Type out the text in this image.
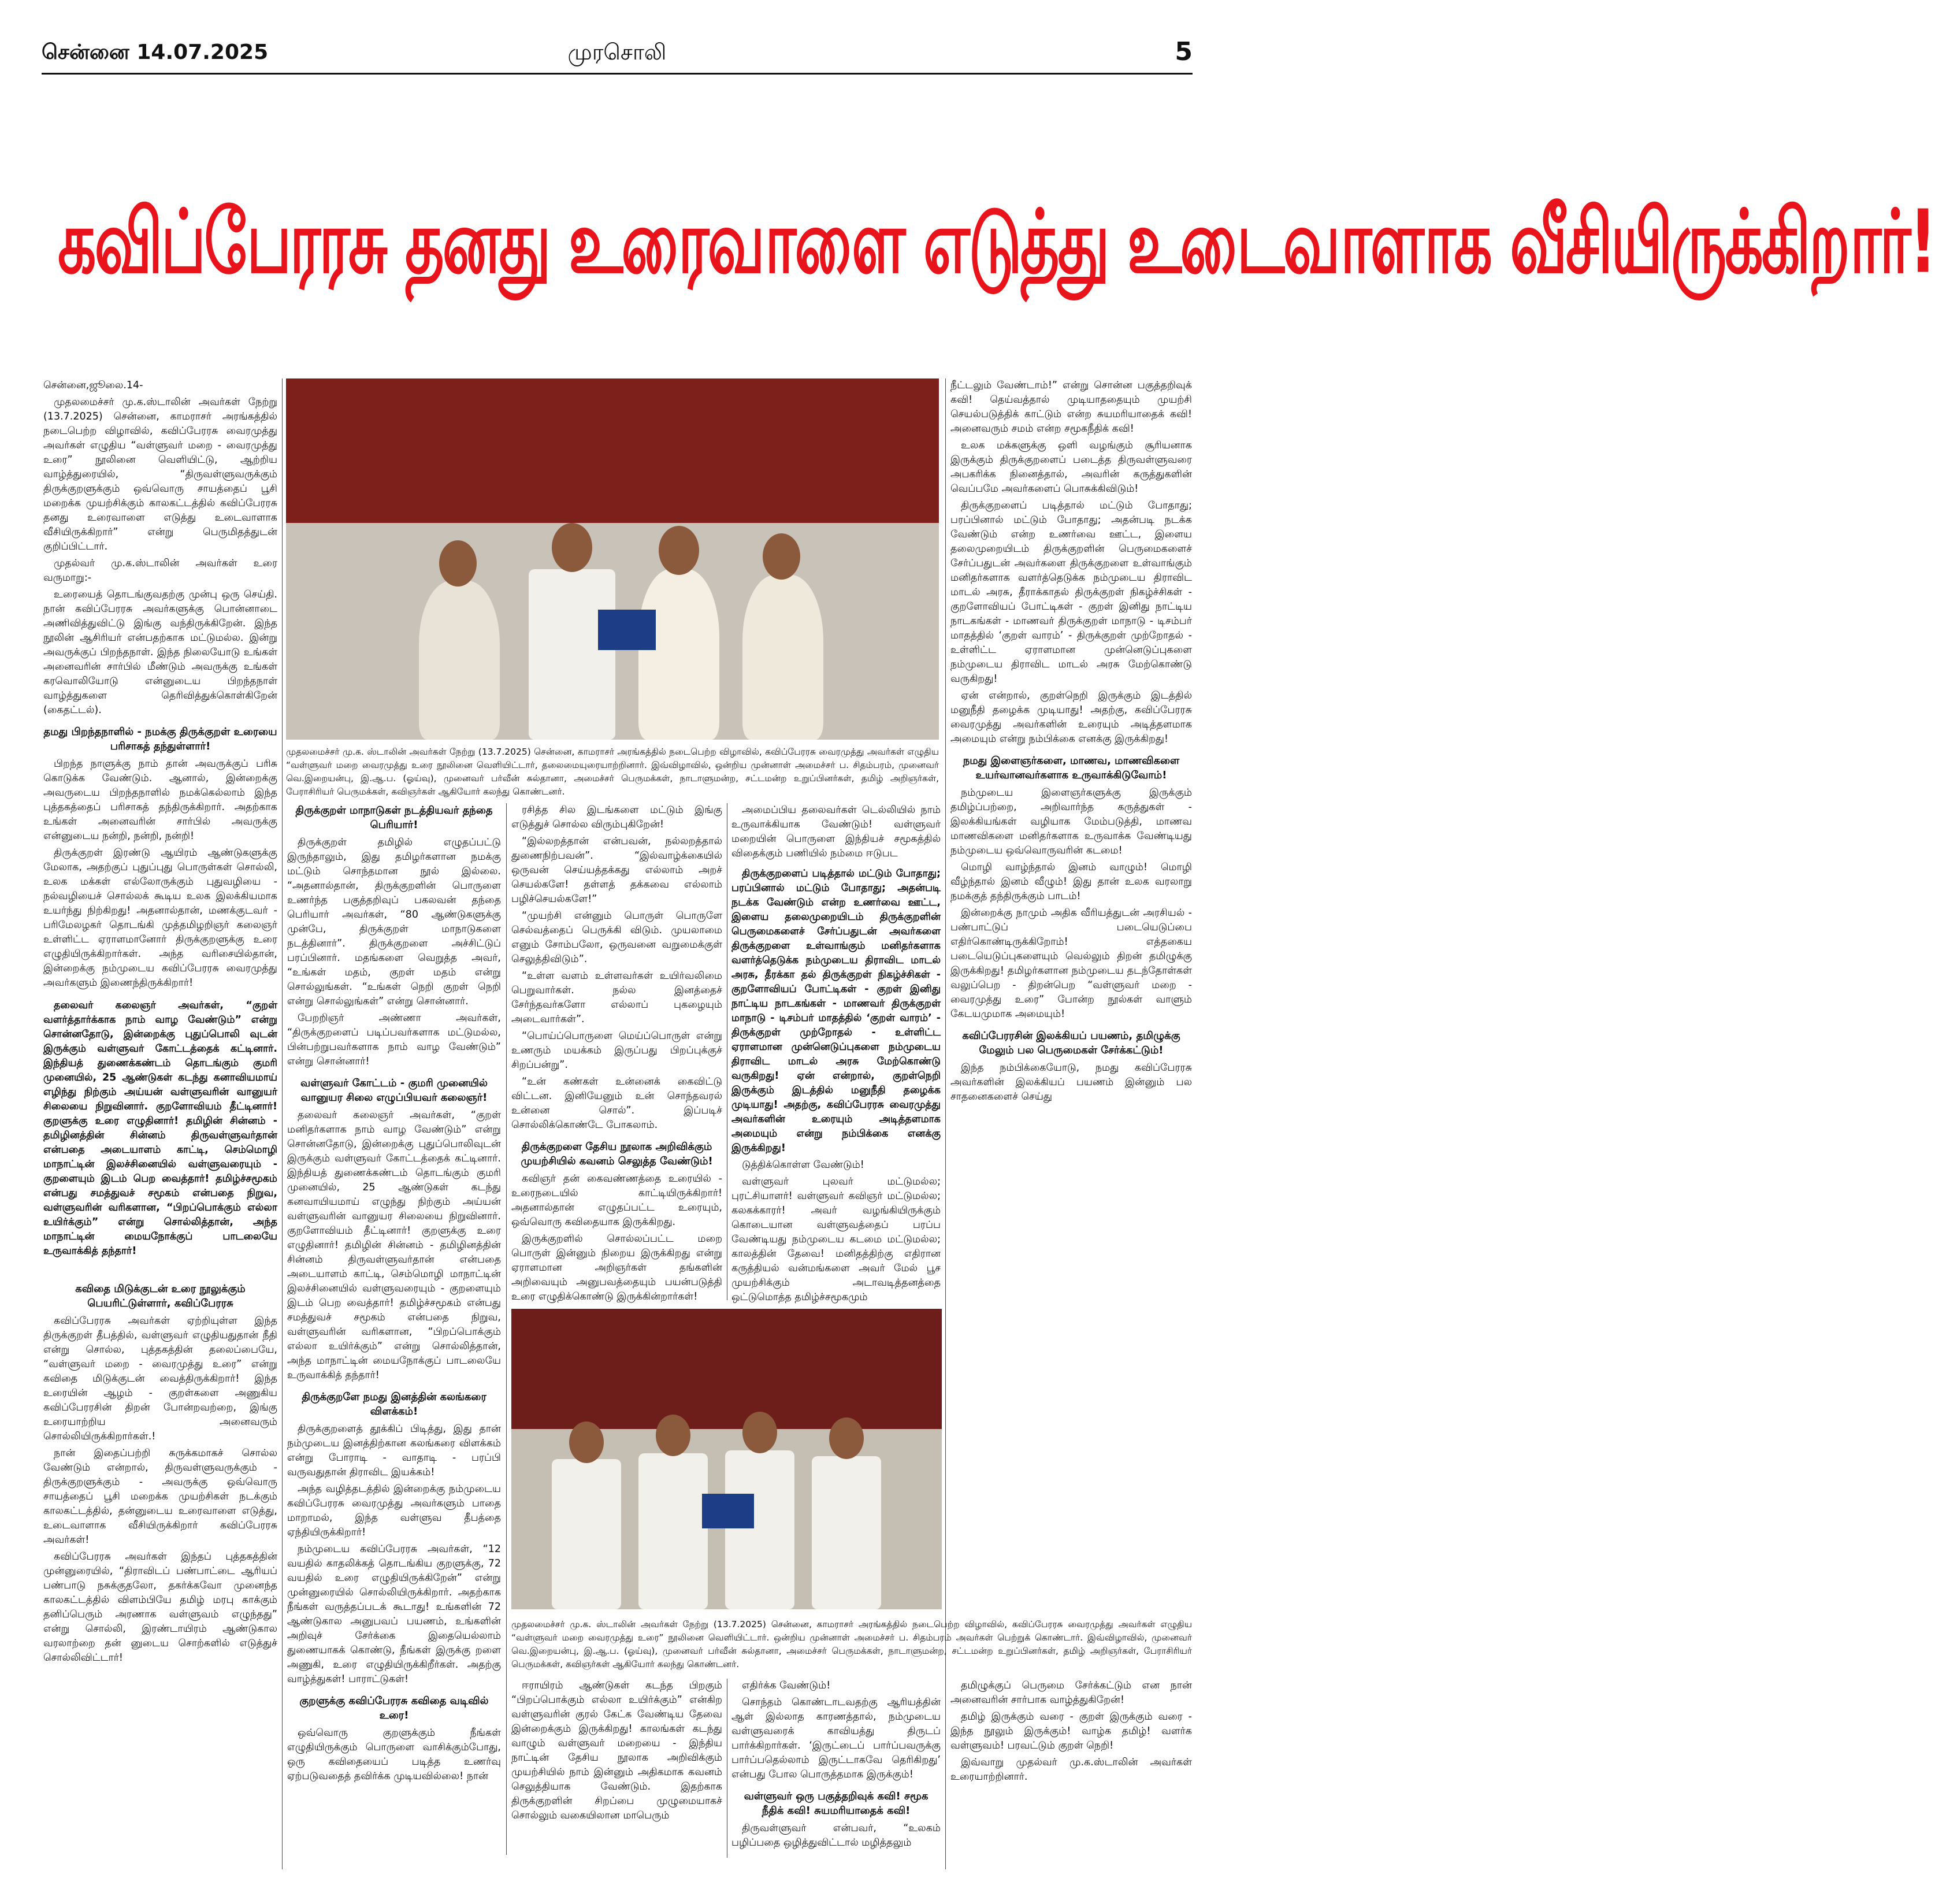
சென்னை 14.07.2025	முரசொலி	5
கவிப்பேரரசு தனது உரைவாளை எடுத்து உடைவாளாக வீசியிருக்கிறார்!

சென்னை,ஜூலை.14-

முதலமைச்சர் மு.க.ஸ்டாலின் அவர்கள் நேற்று (13.7.2025) சென்னை, காமராசர் அரங்கத்தில் நடைபெற்ற விழாவில், கவிப்பேரரசு வைரமுத்து அவர்கள் எழுதிய “வள்ளுவர் மறை - வைரமுத்து உரை” நூலினை வெளியிட்டு, ஆற்றிய வாழ்த்துரையில், “திருவள்ளுவருக்கும் திருக்குறளுக்கும் ஒவ்வொரு சாயத்தைப் பூசி மறைக்க முயற்சிக்கும் காலகட்டத்தில் கவிப்பேரரசு தனது உரைவாளை எடுத்து உடைவாளாக வீசியிருக்கிறார்” என்று பெருமிதத்துடன் குறிப்பிட்டார்.

முதல்வர் மு.க.ஸ்டாலின் அவர்கள் உரை வருமாறு:-

உரையைத் தொடங்குவதற்கு முன்பு ஒரு செய்தி. நான் கவிப்பேரரசு அவர்களுக்கு பொன்னாடை அணிவித்துவிட்டு இங்கு வந்திருக்கிறேன். இந்த நூலின் ஆசிரியர் என்பதற்காக மட்டுமல்ல. இன்று அவருக்குப் பிறந்தநாள். இந்த நிலையோடு உங்கள் அனைவரின் சார்பில் மீண்டும் அவருக்கு உங்கள் கரவொலியோடு என்னுடைய பிறந்தநாள் வாழ்த்துகளை தெரிவித்துக்கொள்கிறேன் (கைதட்டல்).

தமது பிறந்தநாளில் - நமக்கு திருக்குறள் உரையை பரிசாகத் தந்துள்ளார்!

பிறந்த நாளுக்கு நாம் தான் அவருக்குப் பரிசு கொடுக்க வேண்டும். ஆனால், இன்றைக்கு அவருடைய பிறந்தநாளில் நமக்கெல்லாம் இந்த புத்தகத்தைப் பரிசாகத் தந்திருக்கிறார். அதற்காக உங்கள் அனைவரின் சார்பில் அவருக்கு என்னுடைய நன்றி, நன்றி, நன்றி!

திருக்குறள் இரண்டு ஆயிரம் ஆண்டுகளுக்கு மேலாக, அதற்குப் புதுப்புது பொருள்கள் சொல்லி, உலக மக்கள் எல்லோருக்கும் புதுவழியை - நல்வழியைச் சொல்லக் கூடிய உலக இலக்கியமாக உயர்ந்து நிற்கிறது! அதனால்தான், மணக்குடவர் - பரிமேலழகர் தொடங்கி முத்தமிழறிஞர் கலைஞர் உள்ளிட்ட ஏராளமானோர் திருக்குறளுக்கு உரை எழுதியிருக்கிறார்கள். அந்த வரிசையில்தான், இன்றைக்கு நம்முடைய கவிப்பேரரசு வைரமுத்து அவர்களும் இணைந்திருக்கிறார்!

தலைவர் கலைஞர் அவர்கள், “குறள் வளர்த்தார்க்காக நாம் வாழ வேண்டும்” என்று சொன்னதோடு, இன்றைக்கு புதுப்பொலி வுடன் இருக்கும் வள்ளுவர் கோட்டத்தைக் கட்டினார். இந்தியத் துணைக்கண்டம் தொடங்கும் குமரி முனையில், 25 ஆண்டுகள் கடந்து கனாவியமாய் எழிந்து நிற்கும் அய்யன் வள்ளுவரின் வானுயர் சிலையை நிறுவினார். குறளோவியம் தீட்டினார்! குறளுக்கு உரை எழுதினார்! தமிழின் சின்னம் - தமிழினத்தின் சின்னம் திருவள்ளுவர்தான் என்பதை அடையாளம் காட்டி, செம்மொழி மாநாட்டின் இலச்சினையில் வள்ளுவரையும் - குறளையும் இடம் பெற வைத்தார்! தமிழ்ச்சமூகம் என்பது சமத்துவச் சமூகம் என்பதை நிறுவ, வள்ளுவரின் வரிகளான, “பிறப்பொக்கும் எல்லா உயிர்க்கும்” என்று சொல்லித்தான், அந்த மாநாட்டின் மையநோக்குப் பாடலையே உருவாக்கித் தந்தார்!

கவிதை மிடுக்குடன் உரை நூலுக்கும் பெயரிட்டுள்ளார், கவிப்பேரரசு

கவிப்பேரரசு அவர்கள் ஏற்றியுள்ள இந்த திருக்குறள் தீபத்தில், வள்ளுவர் எழுதியதுதான் நீதி என்று சொல்ல, புத்தகத்தின் தலைப்பையே, “வள்ளுவர் மறை - வைரமுத்து உரை” என்று கவிதை மிடுக்குடன் வைத்திருக்கிறார்! இந்த உரையின் ஆழம் - குறள்களை அணுகிய கவிப்பேரரசின் திறன் போன்றவற்றை, இங்கு உரையாற்றிய அனைவரும் சொல்லியிருக்கிறார்கள்.!

நான் இதைப்பற்றி சுருக்கமாகச் சொல்ல வேண்டும் என்றால், திருவள்ளுவருக்கும் - திருக்குறளுக்கும் - அவருக்கு ஒவ்வொரு சாயத்தைப் பூசி மறைக்க முயற்சிகள் நடக்கும் காலகட்டத்தில், தன்னுடைய உரைவாளை எடுத்து, உடைவாளாக வீசியிருக்கிறார் கவிப்பேரரசு அவர்கள்!

கவிப்பேரரசு அவர்கள் இந்தப் புத்தகத்தின் முன்னுரையில், “திராவிடப் பண்பாட்டை ஆரியப் பண்பாடு நசுக்குதலோ, தகர்க்கவோ முனைந்த காலகட்டத்தில் விளம்பியே தமிழ் மரபு காக்கும் தனிப்பெரும் அரணாக வள்ளுவம் எழுந்தது” என்று சொல்லி, இரண்டாயிரம் ஆண்டுகால வரலாற்றை தன் னுடைய சொற்களில் எடுத்துச் சொல்லிவிட்டார்!

முதலமைச்சர் மு.க. ஸ்டாலின் அவர்கள் நேற்று (13.7.2025) சென்னை, காமராசர் அரங்கத்தில் நடைபெற்ற விழாவில், கவிப்பேரரசு வைரமுத்து அவர்கள் எழுதிய “வள்ளுவர் மறை வைரமுத்து உரை நூலினை வெளியிட்டார், தலைமையுரையாற்றினார். இவ்விழாவில், ஒன்றிய முன்னாள் அமைச்சர் ப. சிதம்பரம், முனைவர் வெ.இறையன்பு, இ.ஆ.ப. (ஓய்வு), முனைவர் பர்வீன் சுல்தானா, அமைச்சர் பெருமக்கள், நாடாளுமன்ற, சட்டமன்ற உறுப்பினர்கள், தமிழ் அறிஞர்கள், பேராசிரியர் பெருமக்கள், கவிஞர்கள் ஆகியோர் கலந்து கொண்டனர்.
திருக்குறள் மாநாடுகள் நடத்தியவர் தந்தை பெரியார்!

திருக்குறள் தமிழில் எழுதப்பட்டு இருந்தாலும், இது தமிழர்களான நமக்கு மட்டும் சொந்தமான நூல் இல்லை. “அதனால்தான், திருக்குறளின் பொருளை உணர்ந்த பகுத்தறிவுப் பகலவன் தந்தை பெரியார் அவர்கள், “80 ஆண்டுகளுக்கு முன்பே, திருக்குறள் மாநாடுகளை நடத்தினார்”. திருக்குறளை அச்சிட்டுப் பரப்பினார். மதங்களை வெறுத்த அவர், “உங்கள் மதம், குறள் மதம் என்று சொல்லுங்கள். “உங்கள் நெறி குறள் நெறி என்று சொல்லுங்கள்” என்று சொன்னார்.

பேறறிஞர் அண்ணா அவர்கள், “திருக்குறளைப் படிப்பவர்களாக மட்டுமல்ல, பின்பற்றுபவர்களாக நாம் வாழ வேண்டும்” என்று சொன்னார்!

வள்ளுவர் கோட்டம் - குமரி முனையில் வானுயர சிலை எழுப்பியவர் கலைஞர்!

தலைவர் கலைஞர் அவர்கள், “குறள் மனிதர்களாக நாம் வாழ வேண்டும்” என்று சொன்னதோடு, இன்றைக்கு புதுப்பொலிவுடன் இருக்கும் வள்ளுவர் கோட்டத்தைக் கட்டினார். இந்தியத் துணைக்கண்டம் தொடங்கும் குமரி முனையில், 25 ஆண்டுகள் கடந்து கனவாயியமாய் எழுந்து நிற்கும் அய்யன் வள்ளுவரின் வானுயர சிலையை நிறுவினார். குறளோவியம் தீட்டினார்! குறளுக்கு உரை எழுதினார்! தமிழின் சின்னம் - தமிழினத்தின் சின்னம் திருவள்ளுவர்தான் என்பதை அடையாளம் காட்டி, செம்மொழி மாநாட்டின் இலச்சினையில் வள்ளுவரையும் - குறளையும் இடம் பெற வைத்தார்! தமிழ்ச்சமூகம் என்பது சமத்துவச் சமூகம் என்பதை நிறுவ, வள்ளுவரின் வரிகளான, “பிறப்பொக்கும் எல்லா உயிர்க்கும்” என்று சொல்லித்தான், அந்த மாநாட்டின் மையநோக்குப் பாடலையே உருவாக்கித் தந்தார்!

திருக்குறளே நமது இனத்தின் கலங்கரை விளக்கம்!

திருக்குறளைத் தூக்கிப் பிடித்து, இது தான் நம்முடைய இனத்திற்கான கலங்கரை விளக்கம் என்று போராடி - வாதாடி - பரப்பி வருவதுதான் திராவிட இயக்கம்!

அந்த வழித்தடத்தில் இன்றைக்கு நம்முடைய கவிப்பேரரசு வைரமுத்து அவர்களும் பாதை மாறாமல், இந்த வள்ளுவ தீபத்தை ஏந்தியிருக்கிறார்!

நம்முடைய கவிப்பேரரசு அவர்கள், “12 வயதில் காதலிக்கத் தொடங்கிய குறளுக்கு, 72 வயதில் உரை எழுதியிருக்கிறேன்” என்று முன்னுரையில் சொல்லியிருக்கிறார். அதற்காக நீங்கள் வருத்தப்படக் கூடாது! உங்களின் 72 ஆண்டுகால அனுபவப் பயணம், உங்களின் அறிவுச் சேர்க்கை இதையெல்லாம் துணையாகக் கொண்டு, நீங்கள் இருக்கு றளை அணுகி, உரை எழுதியிருக்கிறீர்கள். அதற்கு வாழ்த்துகள்! பாராட்டுகள்!

குறளுக்கு கவிப்பேரரசு கவிதை வடிவில் உரை!

ஒவ்வொரு குறளுக்கும் நீங்கள் எழுதியிருக்கும் பொருளை வாசிக்கும்போது, ஒரு கவிதையைப் படித்த உணர்வு ஏற்படுவதைத் தவிர்க்க முடியவில்லை! நான்

ரசித்த சில இடங்களை மட்டும் இங்கு எடுத்துச் சொல்ல விரும்புகிறேன்!

“இல்லறத்தான் என்பவன், நல்லறத்தால் துணைநிற்பவன்”. “இல்வாழ்க்கையில் ஒருவன் செய்யத்தக்கது எல்லாம் அறச் செயல்களே! தள்ளத் தக்கவை எல்லாம் பழிச்செயல்களே!”

“முயற்சி என்னும் பொருள் பொருளே செல்வத்தைப் பெருக்கி விடும். முயலாமை எனும் சோம்பலோ, ஒருவனை வறுமைக்குள் செலுத்திவிடும்”.

“உள்ள வளம் உள்ளவர்கள் உயிர்வலிமை பெறுவார்கள். நல்ல இனத்தைச் சேர்ந்தவர்களோ எல்லாப் புகழையும் அடைவார்கள்”.

“பொய்ப்பொருளை மெய்ப்பொருள் என்று உணரும் மயக்கம் இருப்பது பிறப்புக்குச் சிறப்பன்று”.

“உன் கண்கள் உன்னைக் கைவிட்டு விட்டன. இனியேனும் உன் சொந்தவரல் உன்னை சொல்”. இப்படிச் சொல்லிக்கொண்டே போகலாம்.

திருக்குறளை தேசிய நூலாக அறிவிக்கும் முயற்சியில் கவனம் செலுத்த வேண்டும்!

கவிஞர் தன் கைவண்ணத்தை உரையில் - உரைநடையில் காட்டியிருக்கிறார்! அதனால்தான் எழுதப்பட்ட உரையும், ஒவ்வொரு கவிதையாக இருக்கிறது.

இருக்குறளில் சொல்லப்பட்ட மறை பொருள் இன்னும் நிறைய இருக்கிறது என்று ஏராளமான அறிஞர்கள் தங்களின் அறிவையும் அனுபவத்தையும் பயன்படுத்தி உரை எழுதிக்கொண்டு இருக்கின்றார்கள்!

அமைப்பிய தலைவர்கள் டெல்லியில் நாம் உருவாக்கியாக வேண்டும்! வள்ளுவர் மறையின் பொருளை இந்தியச் சமூகத்தில் விதைக்கும் பணியில் நம்மை ஈடுபட

திருக்குறளைப் படித்தால் மட்டும் போதாது; பரப்பினால் மட்டும் போதாது; அதன்படி நடக்க வேண்டும் என்ற உணர்வை ஊட்ட, இளைய தலைமுறையிடம் திருக்குறளின் பெருமைகளைச் சேர்ப்பதுடன் அவர்களை திருக்குறளை உள்வாங்கும் மனிதர்களாக வளர்த்தெடுக்க நம்முடைய திராவிட மாடல் அரசு, தீரக்கா தல் திருக்குறள் நிகழ்ச்சிகள் - குறளோவியப் போட்டிகள் - குறள் இனிது நாட்டிய நாடகங்கள் - மாணவர் திருக்குறள் மாநாடு - டிசம்பர் மாதத்தில் ‘குறள் வாரம்’ - திருக்குறள் முற்றோதல் - உள்ளிட்ட ஏராளமான முன்னெடுப்புகளை நம்முடைய திராவிட மாடல் அரசு மேற்கொண்டு வருகிறது! ஏன் என்றால், குறள்நெறி இருக்கும் இடத்தில் மனுநீதி தழைக்க முடியாது! அதற்கு, கவிப்பேரரசு வைரமுத்து அவர்களின் உரையும் அடித்தளமாக அமையும் என்று நம்பிக்கை எனக்கு இருக்கிறது!

டுத்திக்கொள்ள வேண்டும்!

வள்ளுவர் புலவர் மட்டுமல்ல; புரட்சியாளர்! வள்ளுவர் கவிஞர் மட்டுமல்ல; கலகக்காரர்! அவர் வழங்கியிருக்கும் கொடையான வள்ளுவத்தைப் பரப்ப வேண்டியது நம்முடைய கடமை மட்டுமல்ல; காலத்தின் தேவை! மனிதத்திற்கு எதிரான கருத்தியல் வன்மங்களை அவர் மேல் பூச முயற்சிக்கும் அடாவடித்தனத்தை ஒட்டுமொத்த தமிழ்ச்சமூகமும்

நீட்டலும் வேண்டாம்!” என்று சொன்ன பகுத்தறிவுக் கவி! தெய்வத்தால் முடியாததையும் முயற்சி செயல்படுத்திக் காட்டும் என்ற சுயமரியாதைக் கவி! அனைவரும் சமம் என்ற சமூகநீதிக் கவி!

உலக மக்களுக்கு ஒளி வழங்கும் சூரியனாக இருக்கும் திருக்குறளைப் படைத்த திருவள்ளுவரை அபகரிக்க நினைத்தால், அவரின் கருத்துகளின் வெப்பமே அவர்களைப் பொசுக்கிவிடும்!

திருக்குறளைப் படித்தால் மட்டும் போதாது; பரப்பினால் மட்டும் போதாது; அதன்படி நடக்க வேண்டும் என்ற உணர்வை ஊட்ட, இளைய தலைமுறையிடம் திருக்குறளின் பெருமைகளைச் சேர்ப்பதுடன் அவர்களை திருக்குறளை உள்வாங்கும் மனிதர்களாக வளர்த்தெடுக்க நம்முடைய திராவிட மாடல் அரசு, தீராக்காதல் திருக்குறள் நிகழ்ச்சிகள் - குறளோவியப் போட்டிகள் - குறள் இனிது நாட்டிய நாடகங்கள் - மாணவர் திருக்குறள் மாநாடு - டிசம்பர் மாதத்தில் ‘குறள் வாரம்’ - திருக்குறள் முற்றோதல் - உள்ளிட்ட ஏராளமான முன்னெடுப்புகளை நம்முடைய திராவிட மாடல் அரசு மேற்கொண்டு வருகிறது!

ஏன் என்றால், குறள்நெறி இருக்கும் இடத்தில் மனுநீதி தழைக்க முடியாது! அதற்கு, கவிப்பேரரசு வைரமுத்து அவர்களின் உரையும் அடித்தளமாக அமையும் என்று நம்பிக்கை எனக்கு இருக்கிறது!

நமது இளைஞர்களை, மாணவ, மாணவிகளை உயர்வானவர்களாக உருவாக்கிடுவோம்!

நம்முடைய இளைஞர்களுக்கு இருக்கும் தமிழ்ப்பற்றை, அறிவார்ந்த கருத்துகள் - இலக்கியங்கள் வழியாக மேம்படுத்தி, மாணவ மாணவிகளை மனிதர்களாக உருவாக்க வேண்டியது நம்முடைய ஒவ்வொருவரின் கடமை!

மொழி வாழ்ந்தால் இனம் வாழும்! மொழி வீழ்ந்தால் இனம் வீழும்! இது தான் உலக வரலாறு நமக்குத் தந்திருக்கும் பாடம்!

இன்றைக்கு நாமும் அதிக வீரியத்துடன் அரசியல் - பண்பாட்டுப் படையெடுப்பை எதிர்கொண்டிருக்கிறோம்! எத்தகைய படையெடுப்புகளையும் வெல்லும் திறன் தமிழுக்கு இருக்கிறது! தமிழர்களான நம்முடைய தடந்தோள்கள் வலுப்பெற - திறன்பெற “வள்ளுவர் மறை - வைரமுத்து உரை” போன்ற நூல்கள் வாளும் கேடயமுமாக அமையும்!

கவிப்பேரரசின் இலக்கியப் பயணம், தமிழுக்கு மேலும் பல பெருமைகள் சேர்க்கட்டும்!

இந்த நம்பிக்கையோடு, நமது கவிப்பேரரசு அவர்களின் இலக்கியப் பயணம் இன்னும் பல சாதனைகளைச் செய்து

முதலமைச்சர் மு.க. ஸ்டாலின் அவர்கள் நேற்று (13.7.2025) சென்னை, காமராசர் அரங்கத்தில் நடைபெற்ற விழாவில், கவிப்பேரரசு வைரமுத்து அவர்கள் எழுதிய “வள்ளுவர் மறை வைரமுத்து உரை” நூலினை வெளியிட்டார். ஒன்றிய முன்னாள் அமைச்சர் ப. சிதம்பரம் அவர்கள் பெற்றுக் கொண்டார். இவ்விழாவில், முனைவர் வெ.இறையன்பு, இ.ஆ.ப. (ஓய்வு), முனைவர் பர்வீன் சுல்தானா, அமைச்சர் பெருமக்கள், நாடாளுமன்ற, சட்டமன்ற உறுப்பினர்கள், தமிழ் அறிஞர்கள், பேராசிரியர் பெருமக்கள், கவிஞர்கள் ஆகியோர் கலந்து கொண்டனர்.

ஈராயிரம் ஆண்டுகள் கடந்த பிறகும் “பிறப்பொக்கும் எல்லா உயிர்க்கும்” என்கிற வள்ளுவரின் குரல் கேட்க வேண்டிய தேவை இன்றைக்கும் இருக்கிறது! காலங்கள் கடந்து வாழும் வள்ளுவர் மறையை - இந்திய நாட்டின் தேசிய நூலாக அறிவிக்கும் முயற்சியில் நாம் இன்னும் அதிகமாக கவனம் செலுத்தியாக வேண்டும். இதற்காக திருக்குறளின் சிறப்பை முழுமையாகச் சொல்லும் வகையிலான மாபெரும்

எதிர்க்க வேண்டும்!

சொந்தம் கொண்டாடவதற்கு ஆரியத்தின் ஆள் இல்லாத காரணத்தால், நம்முடைய வள்ளுவரைக் காவியத்து திருடப் பார்க்கிறார்கள். ‘இருட்டைப் பார்ப்பவருக்கு பார்ப்பதெல்லாம் இருட்டாகவே தெரிகிறது’ என்பது போல பொருத்தமாக இருக்கும்!

வள்ளுவர் ஒரு பகுத்தறிவுக் கவி! சமூக நீதிக் கவி! சுயமரியாதைக் கவி!

திருவள்ளுவர் என்பவர், “உலகம் பழிப்பதை ஒழித்துவிட்டால் மழித்தலும்

தமிழுக்குப் பெருமை சேர்க்கட்டும் என நான் அனைவரின் சார்பாக வாழ்த்துகிறேன்!

தமிழ் இருக்கும் வரை - குறள் இருக்கும் வரை - இந்த நூலும் இருக்கும்! வாழ்க தமிழ்! வளர்க வள்ளுவம்! பரவட்டும் குறள் நெறி!

இவ்வாறு முதல்வர் மு.க.ஸ்டாலின் அவர்கள் உரையாற்றினார்.
